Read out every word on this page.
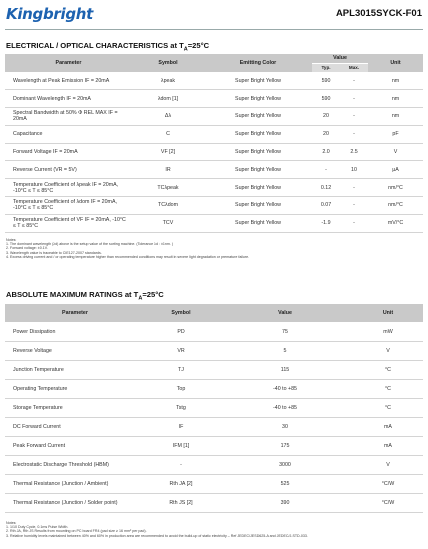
Kingbright	APL3015SYCK-F01
ELECTRICAL / OPTICAL CHARACTERISTICS at $T_A=25^\circ C$
Parameter	Symbol	Emitting Color	Value		Unit
			Typ.	Max.	
Wavelength at Peak Emission IF = 20mA	λpeak	Super Bright Yellow	590	-	nm
Dominant Wavelength IF = 20mA	λdom [1]	Super Bright Yellow	590	-	nm
Spectral Bandwidth at 50% Φ REL MAX IF = 20mA	Δλ	Super Bright Yellow	20	-	nm
Capacitance	C	Super Bright Yellow	20	-	pF
Forward Voltage IF = 20mA	VF [2]	Super Bright Yellow	2.0	2.5	V
Reverse Current (VR = 5V)	IR	Super Bright Yellow	-	10	μA
Temperature Coefficient of λpeak IF = 20mA, -10°C ≤ T ≤ 85°C	TCλpeak	Super Bright Yellow	0.12	-	nm/°C
Temperature Coefficient of λdom IF = 20mA, -10°C ≤ T ≤ 85°C	TCλdom	Super Bright Yellow	0.07	-	nm/°C
Temperature Coefficient of VF IF = 20mA, -10°C ≤ T ≤ 85°C	TCV	Super Bright Yellow	-1.9	-	mV/°C
Notes:
1. The dominant wavelength (λd) above is the setup value of the sorting machine. (Tolerance λd : ±1nm. )
2. Forward voltage: ±0.1V.
3. Wavelength value is traceable to CIE127-2007 standards.
4. Excess driving current and / or operating temperature higher than recommended conditions may result in severe light degradation or premature failure.
ABSOLUTE MAXIMUM RATINGS at $T_A=25^\circ C$
Parameter	Symbol	Value	Unit
Power Dissipation	PD	75	mW
Reverse Voltage	VR	5	V
Junction Temperature	TJ	115	°C
Operating Temperature	Top	-40 to +85	°C
Storage Temperature	Tstg	-40 to +85	°C
DC Forward Current	IF	30	mA
Peak Forward Current	IFM [1]	175	mA
Electrostatic Discharge Threshold (HBM)	-	3000	V
Thermal Resistance (Junction / Ambient)	Rth JA [2]	525	°C/W
Thermal Resistance (Junction / Solder point)	Rth JS [2]	390	°C/W
Notes:
1. 1/10 Duty Cycle, 0.1ms Pulse Width.
2. Rth JA, Rth JS Results from mounting on PC board FR4 (pad size ≥ 16 mm² per pad).
3. Relative humidity levels maintained between 40% and 60% in production area are recommended to avoid the build-up of static electricity – Ref JEDEC/JESD625-A and JEDEC/J-STD-033.
